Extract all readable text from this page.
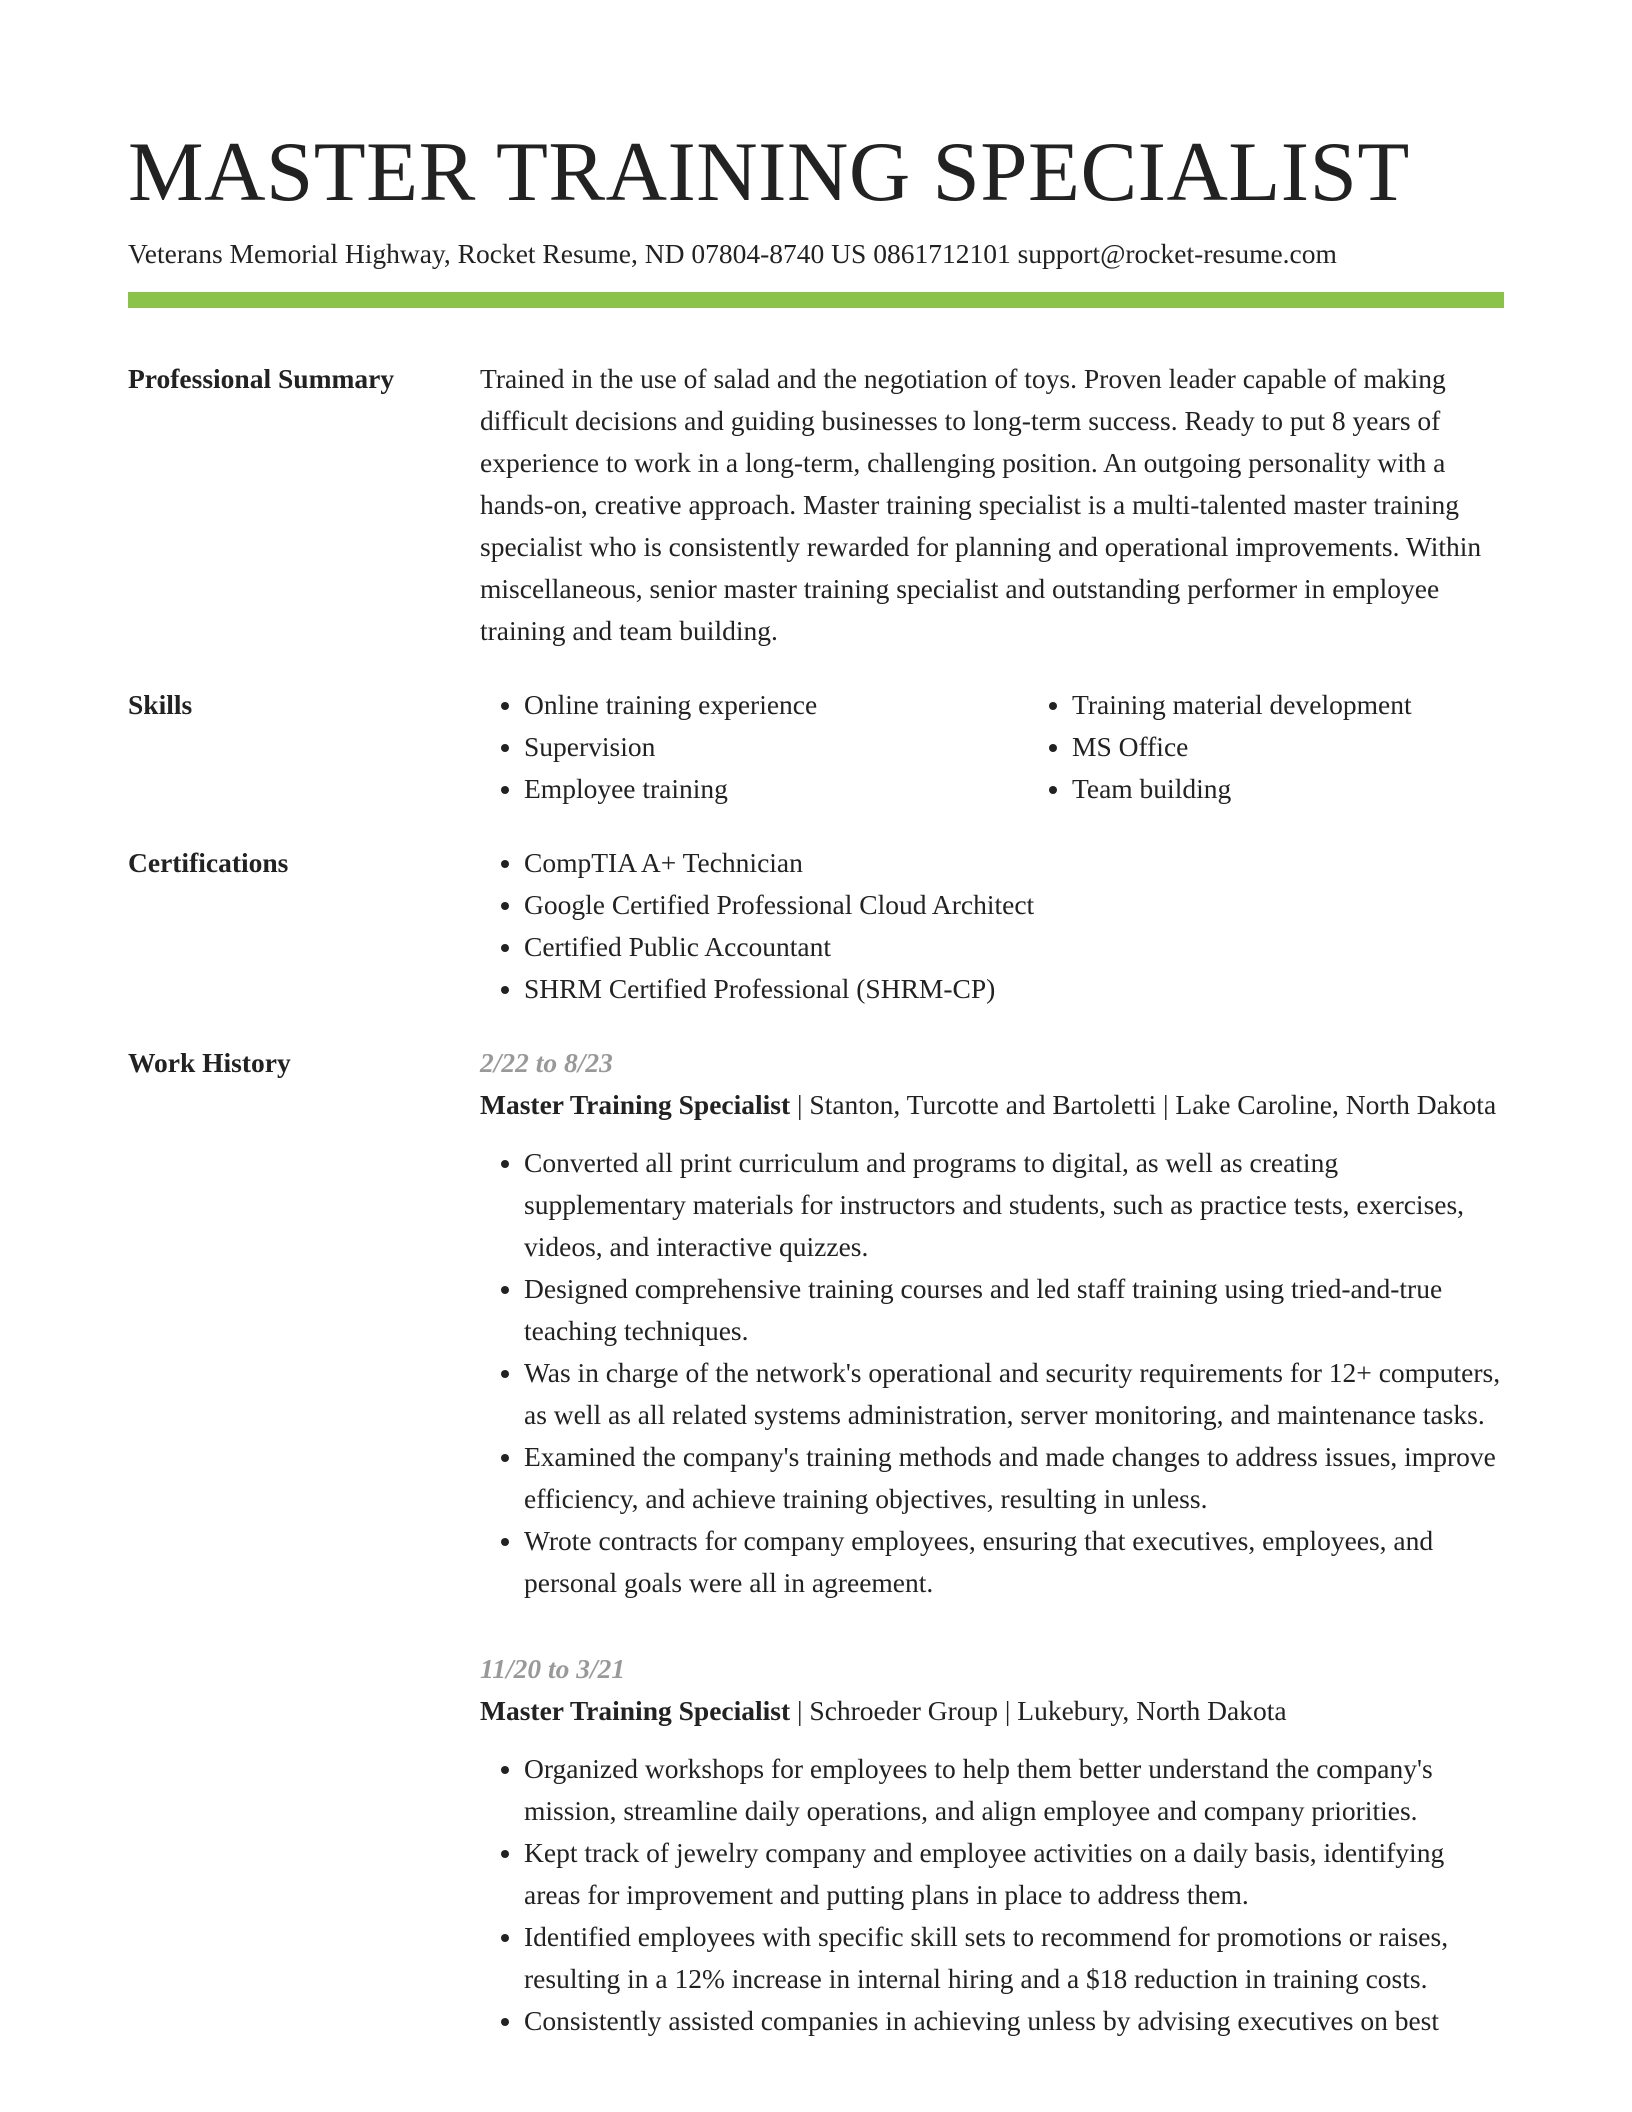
MASTER TRAINING SPECIALIST
Veterans Memorial Highway, Rocket Resume, ND 07804-8740 US 0861712101 support@rocket-resume.com
Professional Summary	Trained in the use of salad and the negotiation of toys. Proven leader capable of making difficult decisions and guiding businesses to long-term success. Ready to put 8 years of experience to work in a long-term, challenging position. An outgoing personality with a hands-on, creative approach. Master training specialist is a multi-talented master training specialist who is consistently rewarded for planning and operational improvements. Within miscellaneous, senior master training specialist and outstanding performer in employee training and team building.

Skills	• Online training experience
• Supervision
• Employee training
• Training material development
• MS Office
• Team building
Certifications	• CompTIA A+ Technician
• Google Certified Professional Cloud Architect
• Certified Public Accountant
• SHRM Certified Professional (SHRM-CP)
Work History	2/22 to 8/23
Master Training Specialist | Stanton, Turcotte and Bartoletti | Lake Caroline, North Dakota
• Converted all print curriculum and programs to digital, as well as creating supplementary materials for instructors and students, such as practice tests, exercises, videos, and interactive quizzes.
• Designed comprehensive training courses and led staff training using tried-and-true teaching techniques.
• Was in charge of the network's operational and security requirements for 12+ computers, as well as all related systems administration, server monitoring, and maintenance tasks.
• Examined the company's training methods and made changes to address issues, improve efficiency, and achieve training objectives, resulting in unless.
• Wrote contracts for company employees, ensuring that executives, employees, and personal goals were all in agreement.
11/20 to 3/21
Master Training Specialist | Schroeder Group | Lukebury, North Dakota
• Organized workshops for employees to help them better understand the company's mission, streamline daily operations, and align employee and company priorities.
• Kept track of jewelry company and employee activities on a daily basis, identifying areas for improvement and putting plans in place to address them.
• Identified employees with specific skill sets to recommend for promotions or raises, resulting in a 12% increase in internal hiring and a $18 reduction in training costs.
• Consistently assisted companies in achieving unless by advising executives on best
